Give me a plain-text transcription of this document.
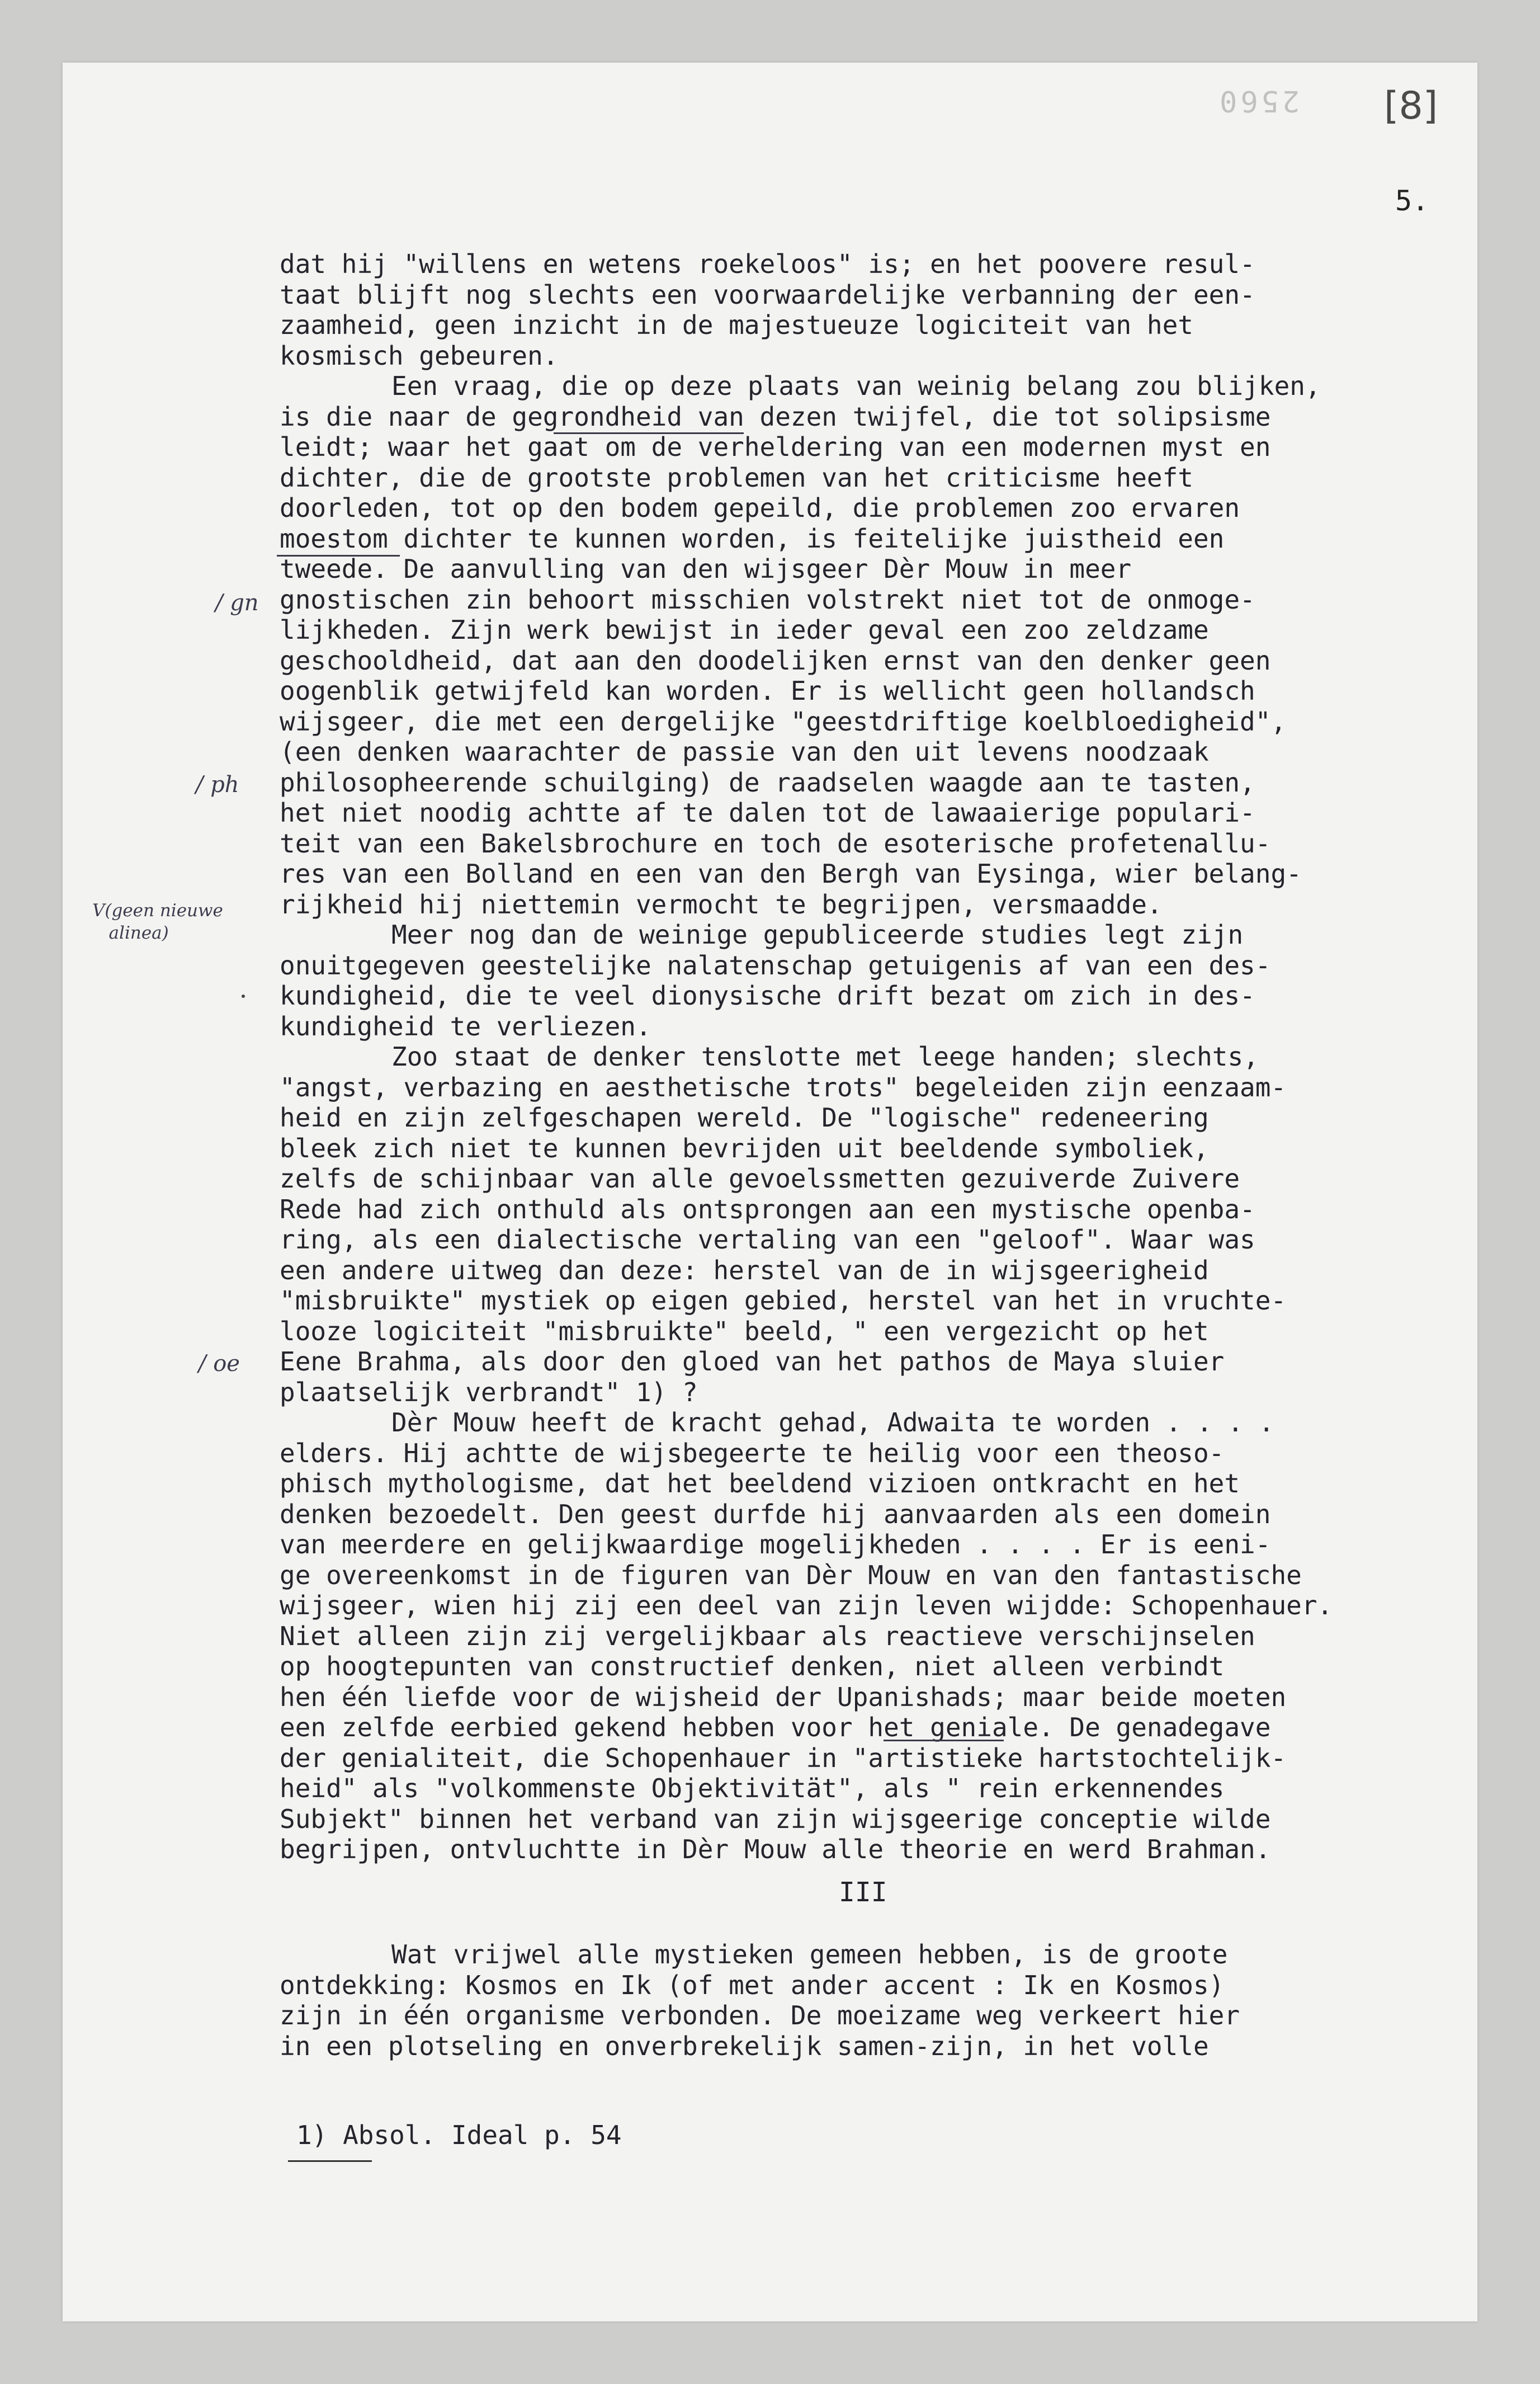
2560 [8]
5.
dat hij "willens en wetens roekeloos" is; en het poovere resul-
taat blijft nog slechts een voorwaardelijke verbanning der een-
zaamheid, geen inzicht in de majestueuze logiciteit van het
kosmisch gebeuren.
Een vraag, die op deze plaats van weinig belang zou blijken,
is die naar de gegrondheid van dezen twijfel, die tot solipsisme
leidt; waar het gaat om de verheldering van een modernen myst en
dichter, die de grootste problemen van het criticisme heeft
doorleden, tot op den bodem gepeild, die problemen zoo ervaren
moestom dichter te kunnen worden, is feitelijke juistheid een
tweede. De aanvulling van den wijsgeer Dèr Mouw in meer
gnostischen zin behoort misschien volstrekt niet tot de onmoge-
lijkheden. Zijn werk bewijst in ieder geval een zoo zeldzame
geschooldheid, dat aan den doodelijken ernst van den denker geen
oogenblik getwijfeld kan worden. Er is wellicht geen hollandsch
wijsgeer, die met een dergelijke "geestdriftige koelbloedigheid",
(een denken waarachter de passie van den uit levens noodzaak
philosopheerende schuilging) de raadselen waagde aan te tasten,
het niet noodig achtte af te dalen tot de lawaaierige populari-
teit van een Bakelsbrochure en toch de esoterische profetenallu-
res van een Bolland en een van den Bergh van Eysinga, wier belang-
rijkheid hij niettemin vermocht te begrijpen, versmaadde.
Meer nog dan de weinige gepubliceerde studies legt zijn
onuitgegeven geestelijke nalatenschap getuigenis af van een des-
kundigheid, die te veel dionysische drift bezat om zich in des-
kundigheid te verliezen.
Zoo staat de denker tenslotte met leege handen; slechts,
"angst, verbazing en aesthetische trots" begeleiden zijn eenzaam-
heid en zijn zelfgeschapen wereld. De "logische" redeneering
bleek zich niet te kunnen bevrijden uit beeldende symboliek,
zelfs de schijnbaar van alle gevoelssmetten gezuiverde Zuivere
Rede had zich onthuld als ontsprongen aan een mystische openba-
ring, als een dialectische vertaling van een "geloof". Waar was
een andere uitweg dan deze: herstel van de in wijsgeerigheid
"misbruikte" mystiek op eigen gebied, herstel van het in vruchte-
looze logiciteit "misbruikte" beeld, " een vergezicht op het
Eene Brahma, als door den gloed van het pathos de Maya sluier
plaatselijk verbrandt" 1) ?
Dèr Mouw heeft de kracht gehad, Adwaita te worden . . . .
elders. Hij achtte de wijsbegeerte te heilig voor een theoso-
phisch mythologisme, dat het beeldend vizioen ontkracht en het
denken bezoedelt. Den geest durfde hij aanvaarden als een domein
van meerdere en gelijkwaardige mogelijkheden . . . . Er is eeni-
ge overeenkomst in de figuren van Dèr Mouw en van den fantastische
wijsgeer, wien hij zij een deel van zijn leven wijdde: Schopenhauer.
Niet alleen zijn zij vergelijkbaar als reactieve verschijnselen
op hoogtepunten van constructief denken, niet alleen verbindt
hen één liefde voor de wijsheid der Upanishads; maar beide moeten
een zelfde eerbied gekend hebben voor het geniale. De genadegave
der genialiteit, die Schopenhauer in "artistieke hartstochtelijk-
heid" als "volkommenste Objektivität", als " rein erkennendes
Subjekt" binnen het verband van zijn wijsgeerige conceptie wilde
begrijpen, ontvluchtte in Dèr Mouw alle theorie en werd Brahman.
III
Wat vrijwel alle mystieken gemeen hebben, is de groote
ontdekking: Kosmos en Ik (of met ander accent : Ik en Kosmos)
zijn in één organisme verbonden. De moeizame weg verkeert hier
in een plotseling en onverbrekelijk samen-zijn, in het volle
1) Absol. Ideal p. 54
/ gn
/ ph
V(geen nieuwe
alinea)
/ oe
